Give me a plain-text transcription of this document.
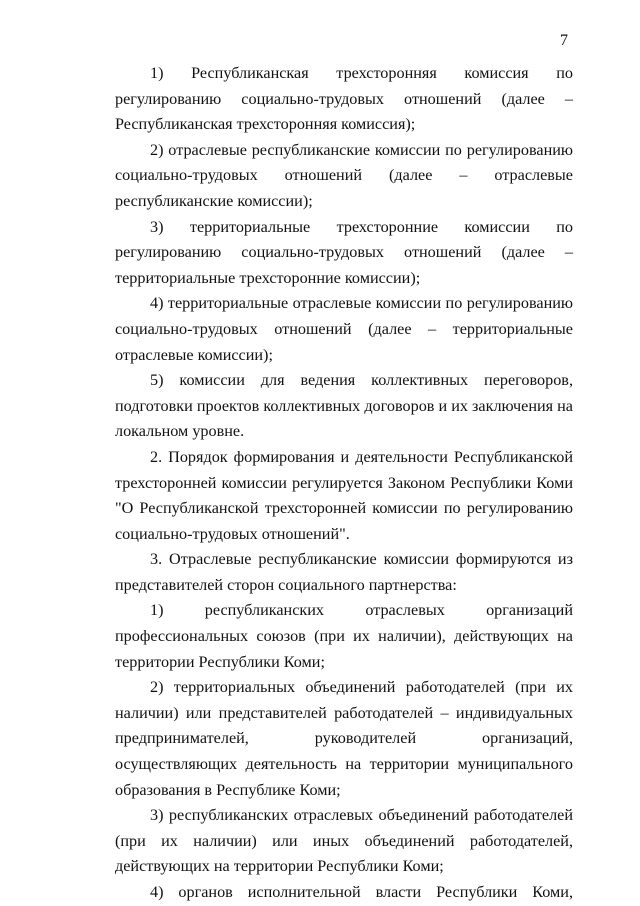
7

1) Республиканская трехсторонняя комиссия по регулированию социально-трудовых отношений (далее – Республиканская трехсторонняя комиссия);

2) отраслевые республиканские комиссии по регулированию социально-трудовых отношений (далее – отраслевые республиканские комиссии);

3) территориальные трехсторонние комиссии по регулированию социально-трудовых отношений (далее – территориальные трехсторонние комиссии);

4) территориальные отраслевые комиссии по регулированию социально-трудовых отношений (далее – территориальные отраслевые комиссии);

5) комиссии для ведения коллективных переговоров, подготовки проектов коллективных договоров и их заключения на локальном уровне.

2. Порядок формирования и деятельности Республиканской трехсторонней комиссии регулируется Законом Республики Коми "О Республиканской трехсторонней комиссии по регулированию социально-трудовых отношений".

3. Отраслевые республиканские комиссии формируются из представителей сторон социального партнерства:

1) республиканских отраслевых организаций профессиональных союзов (при их наличии), действующих на территории Республики Коми;

2) территориальных объединений работодателей (при их наличии) или представителей работодателей – индивидуальных предпринимателей, руководителей организаций, осуществляющих деятельность на территории муниципального образования в Республике Коми;

3) республиканских отраслевых объединений работодателей (при их наличии) или иных объединений работодателей, действующих на территории Республики Коми;

4) органов исполнительной власти Республики Коми,
